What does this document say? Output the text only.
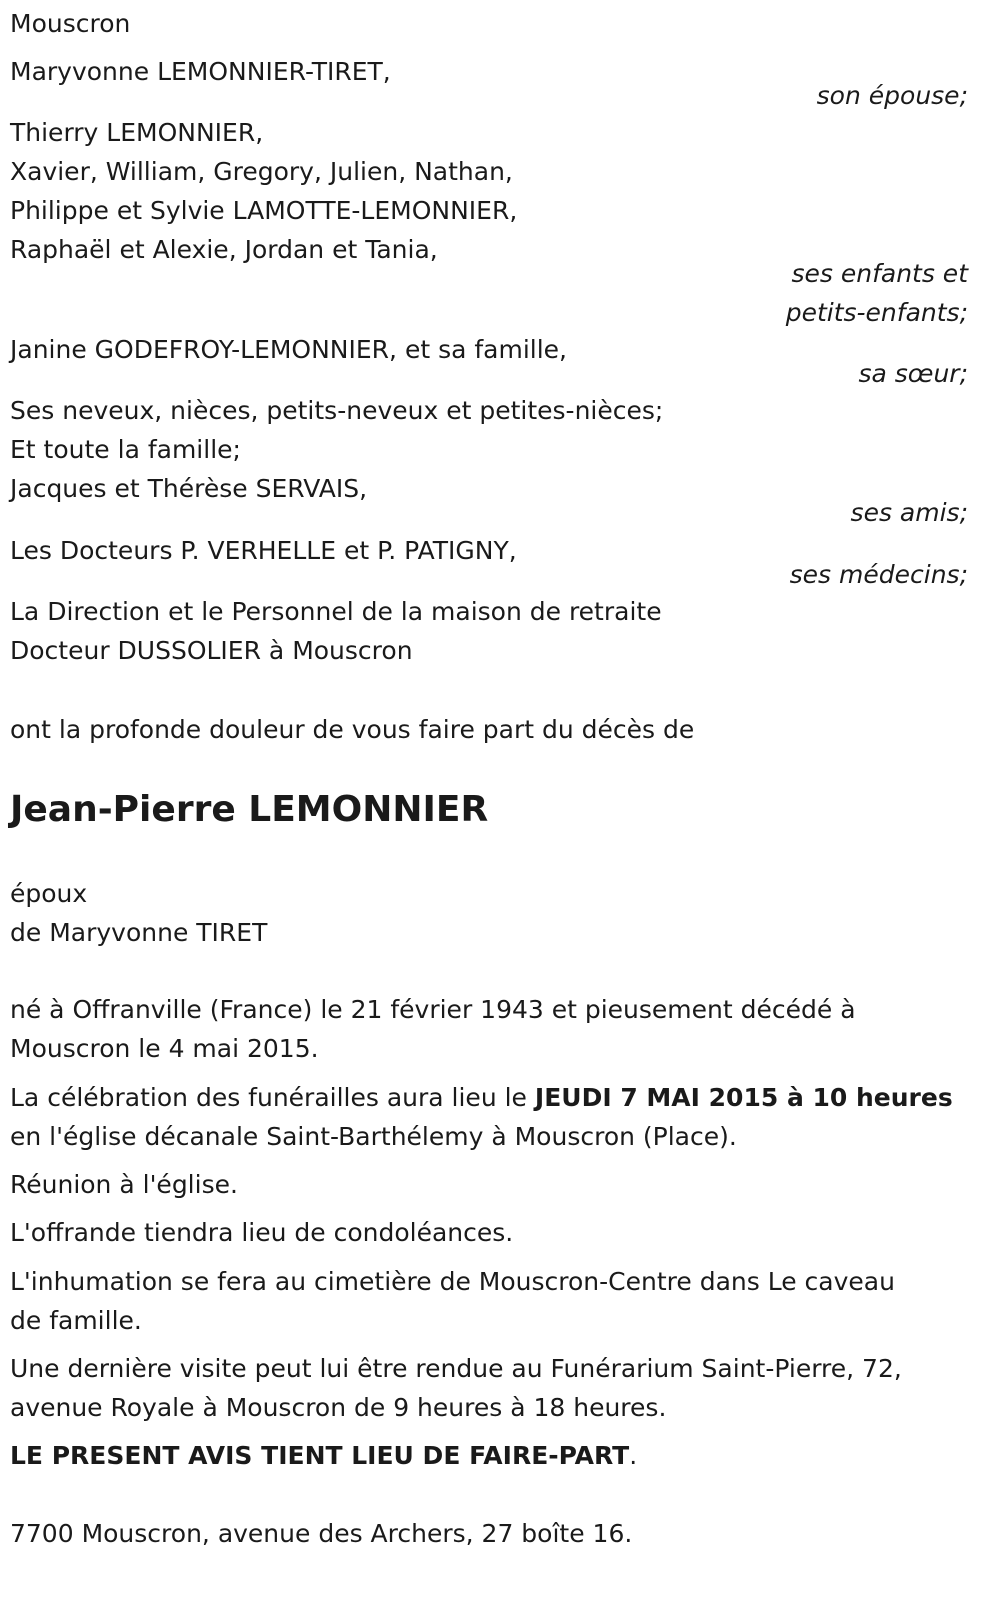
Mouscron
Maryvonne LEMONNIER-TIRET,
son épouse;
Thierry LEMONNIER,
Xavier, William, Gregory, Julien, Nathan,
Philippe et Sylvie LAMOTTE-LEMONNIER,
Raphaël et Alexie, Jordan et Tania,
ses enfants et
petits-enfants;
Janine GODEFROY-LEMONNIER, et sa famille,
sa sœur;
Ses neveux, nièces, petits-neveux et petites-nièces;
Et toute la famille;
Jacques et Thérèse SERVAIS,
ses amis;
Les Docteurs P. VERHELLE et P. PATIGNY,
ses médecins;
La Direction et le Personnel de la maison de retraite
Docteur DUSSOLIER à Mouscron
ont la profonde douleur de vous faire part du décès de
Jean-Pierre LEMONNIER
époux
de Maryvonne TIRET
né à Offranville (France) le 21 février 1943 et pieusement décédé à
Mouscron le 4 mai 2015.
La célébration des funérailles aura lieu le JEUDI 7 MAI 2015 à 10 heures
en l'église décanale Saint-Barthélemy à Mouscron (Place).
Réunion à l'église.
L'offrande tiendra lieu de condoléances.
L'inhumation se fera au cimetière de Mouscron-Centre dans Le caveau
de famille.
Une dernière visite peut lui être rendue au Funérarium Saint-Pierre, 72,
avenue Royale à Mouscron de 9 heures à 18 heures.
LE PRESENT AVIS TIENT LIEU DE FAIRE-PART.
7700 Mouscron, avenue des Archers, 27 boîte 16.
